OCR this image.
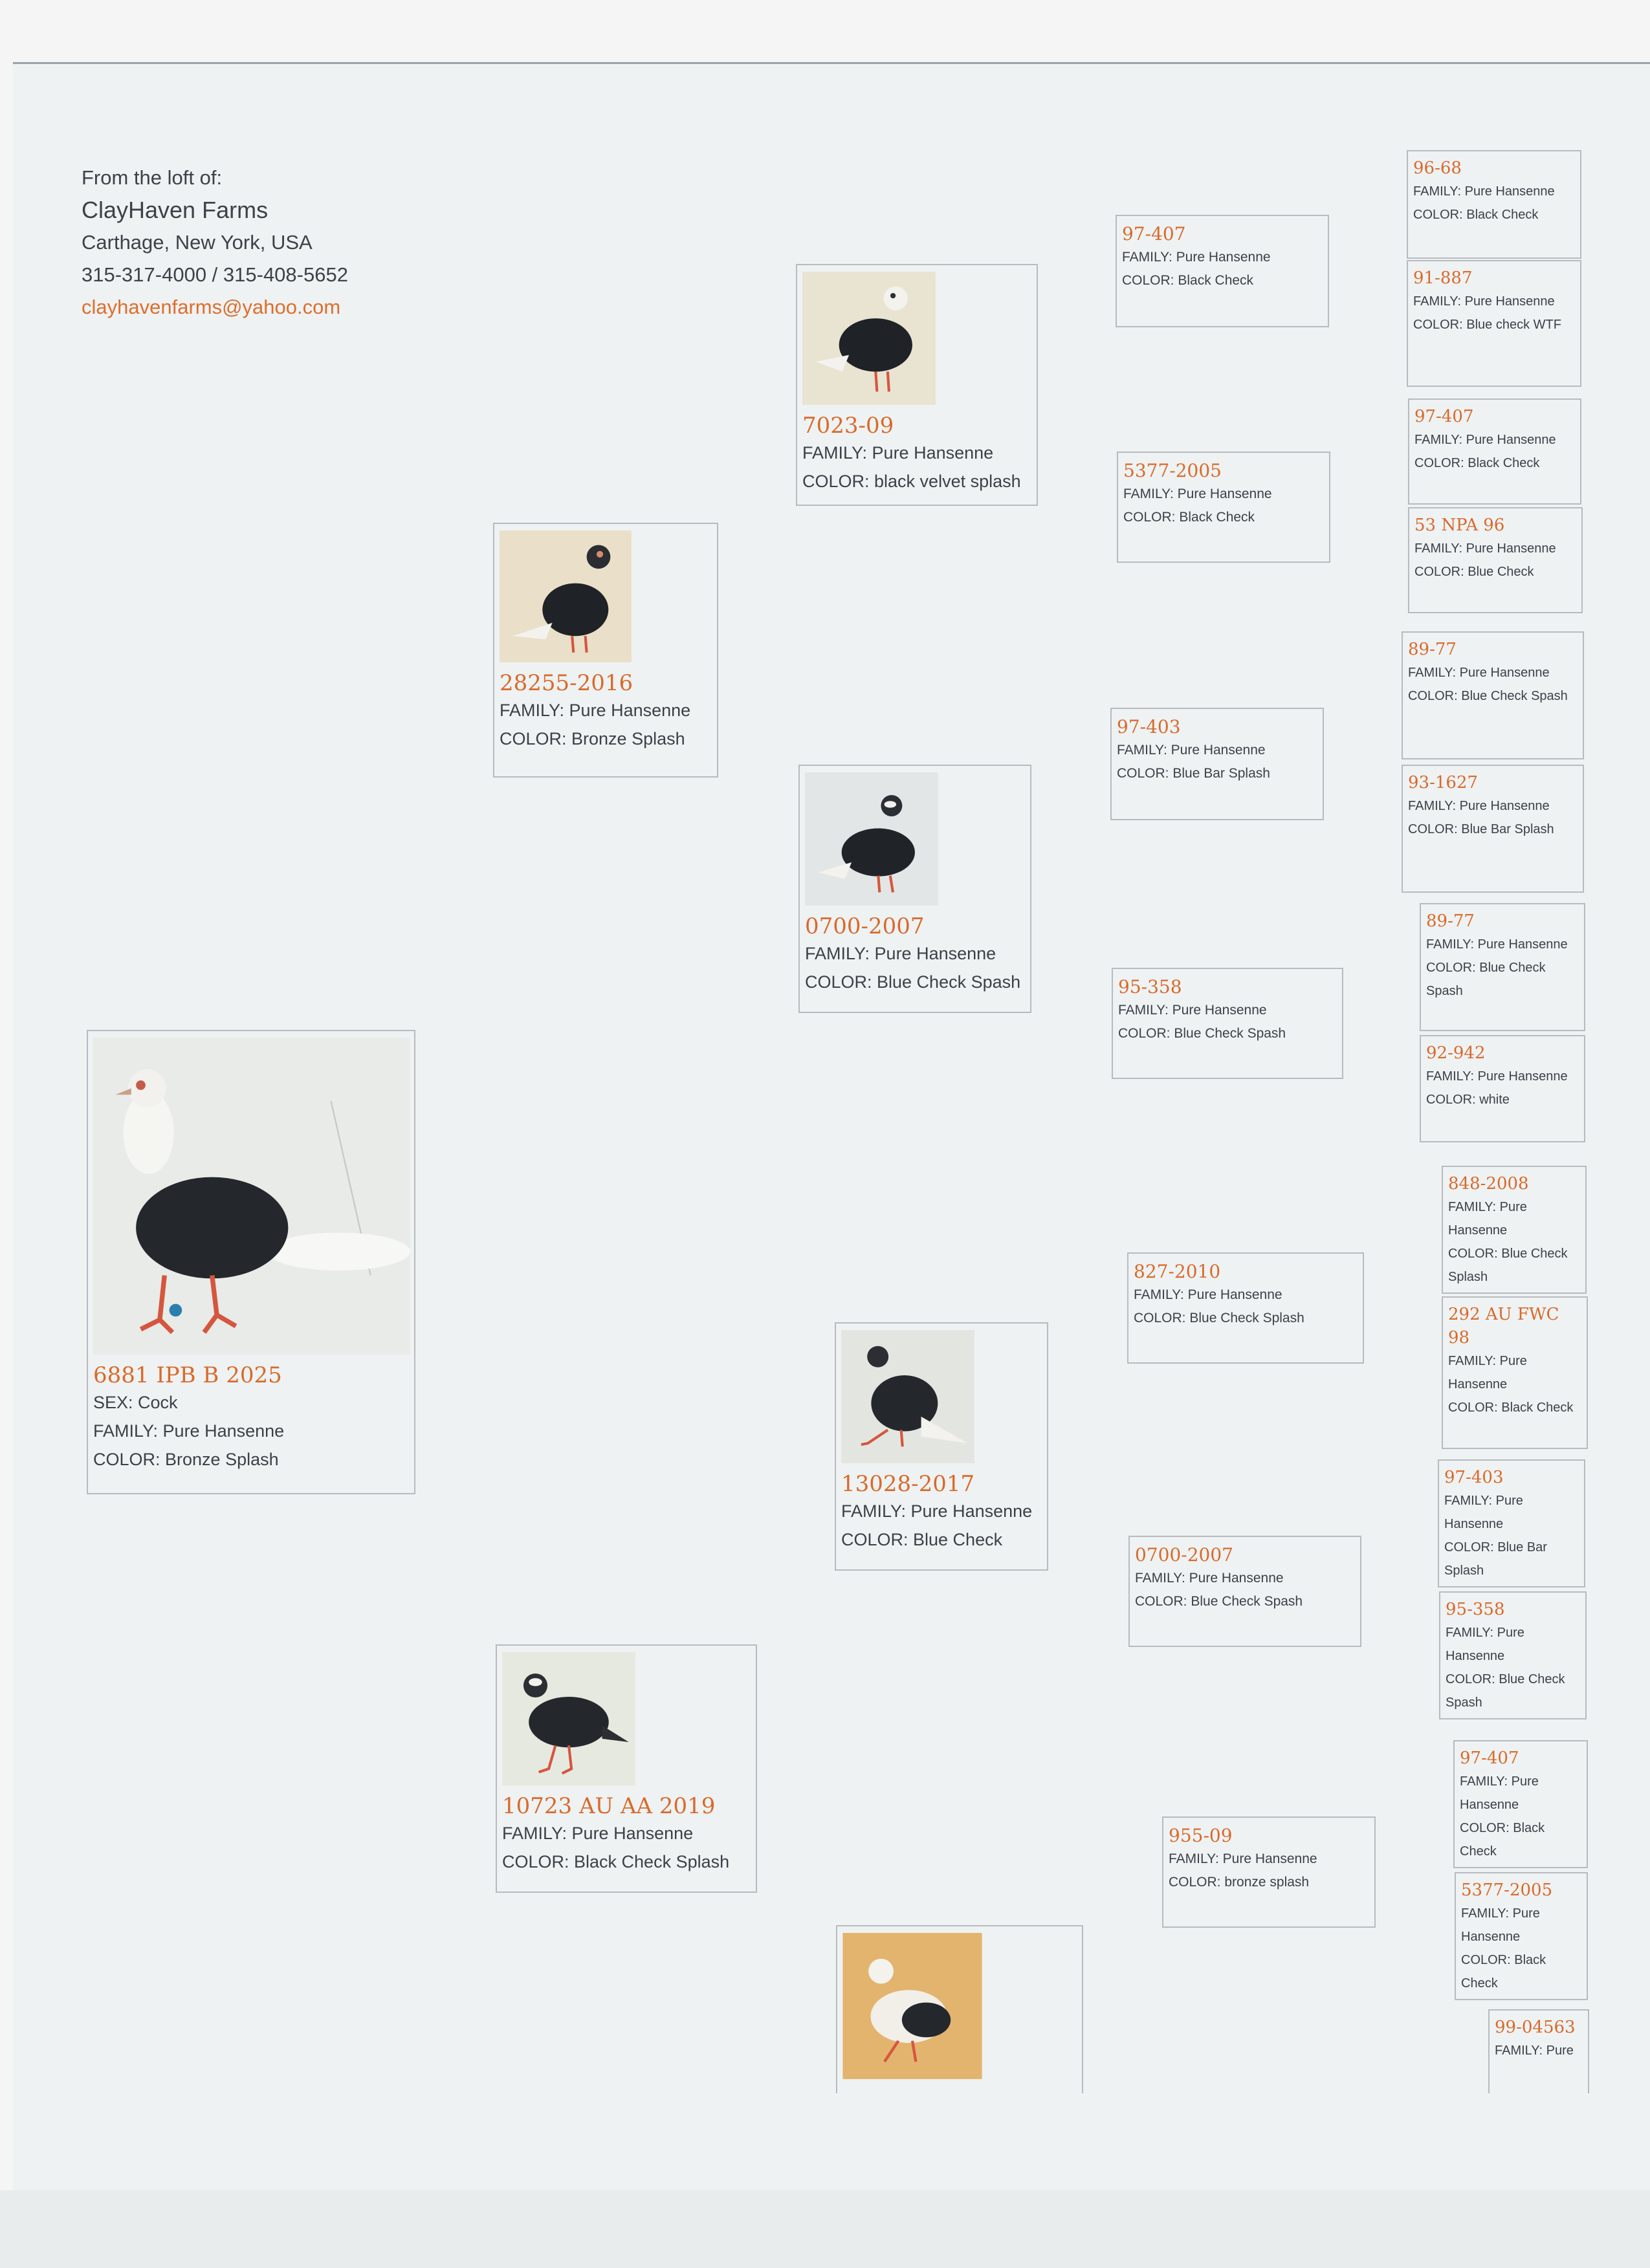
From the loft of:
ClayHaven Farms
Carthage, New York, USA
315-317-4000 / 315-408-5652
clayhavenfarms@yahoo.com
6881 IPB B 2025
SEX: Cock
FAMILY: Pure Hansenne
COLOR: Bronze Splash
28255-2016
FAMILY: Pure Hansenne
COLOR: Bronze Splash
10723 AU AA 2019
FAMILY: Pure Hansenne
COLOR: Black Check Splash
7023-09
FAMILY: Pure Hansenne
COLOR: black velvet splash
0700-2007
FAMILY: Pure Hansenne
COLOR: Blue Check Spash
13028-2017
FAMILY: Pure Hansenne
COLOR: Blue Check
97-407
FAMILY: Pure Hansenne
COLOR: Black Check
5377-2005
FAMILY: Pure Hansenne
COLOR: Black Check
97-403
FAMILY: Pure Hansenne
COLOR: Blue Bar Splash
95-358
FAMILY: Pure Hansenne
COLOR: Blue Check Spash
827-2010
FAMILY: Pure Hansenne
COLOR: Blue Check Splash
0700-2007
FAMILY: Pure Hansenne
COLOR: Blue Check Spash
955-09
FAMILY: Pure Hansenne
COLOR: bronze splash
96-68
FAMILY: Pure Hansenne
COLOR: Black Check
91-887
FAMILY: Pure Hansenne
COLOR: Blue check WTF
97-407
FAMILY: Pure Hansenne
COLOR: Black Check
53 NPA 96
FAMILY: Pure Hansenne
COLOR: Blue Check
89-77
FAMILY: Pure Hansenne
COLOR: Blue Check Spash
93-1627
FAMILY: Pure Hansenne
COLOR: Blue Bar Splash
89-77
FAMILY: Pure Hansenne
COLOR: Blue Check Spash
92-942
FAMILY: Pure Hansenne
COLOR: white
848-2008
FAMILY: Pure Hansenne
COLOR: Blue Check Splash
292 AU FWC 98
FAMILY: Pure Hansenne
COLOR: Black Check
97-403
FAMILY: Pure Hansenne
COLOR: Blue Bar Splash
95-358
FAMILY: Pure Hansenne
COLOR: Blue Check Spash
97-407
FAMILY: Pure Hansenne
COLOR: Black Check
5377-2005
FAMILY: Pure Hansenne
COLOR: Black Check
99-04563
FAMILY: Pure
